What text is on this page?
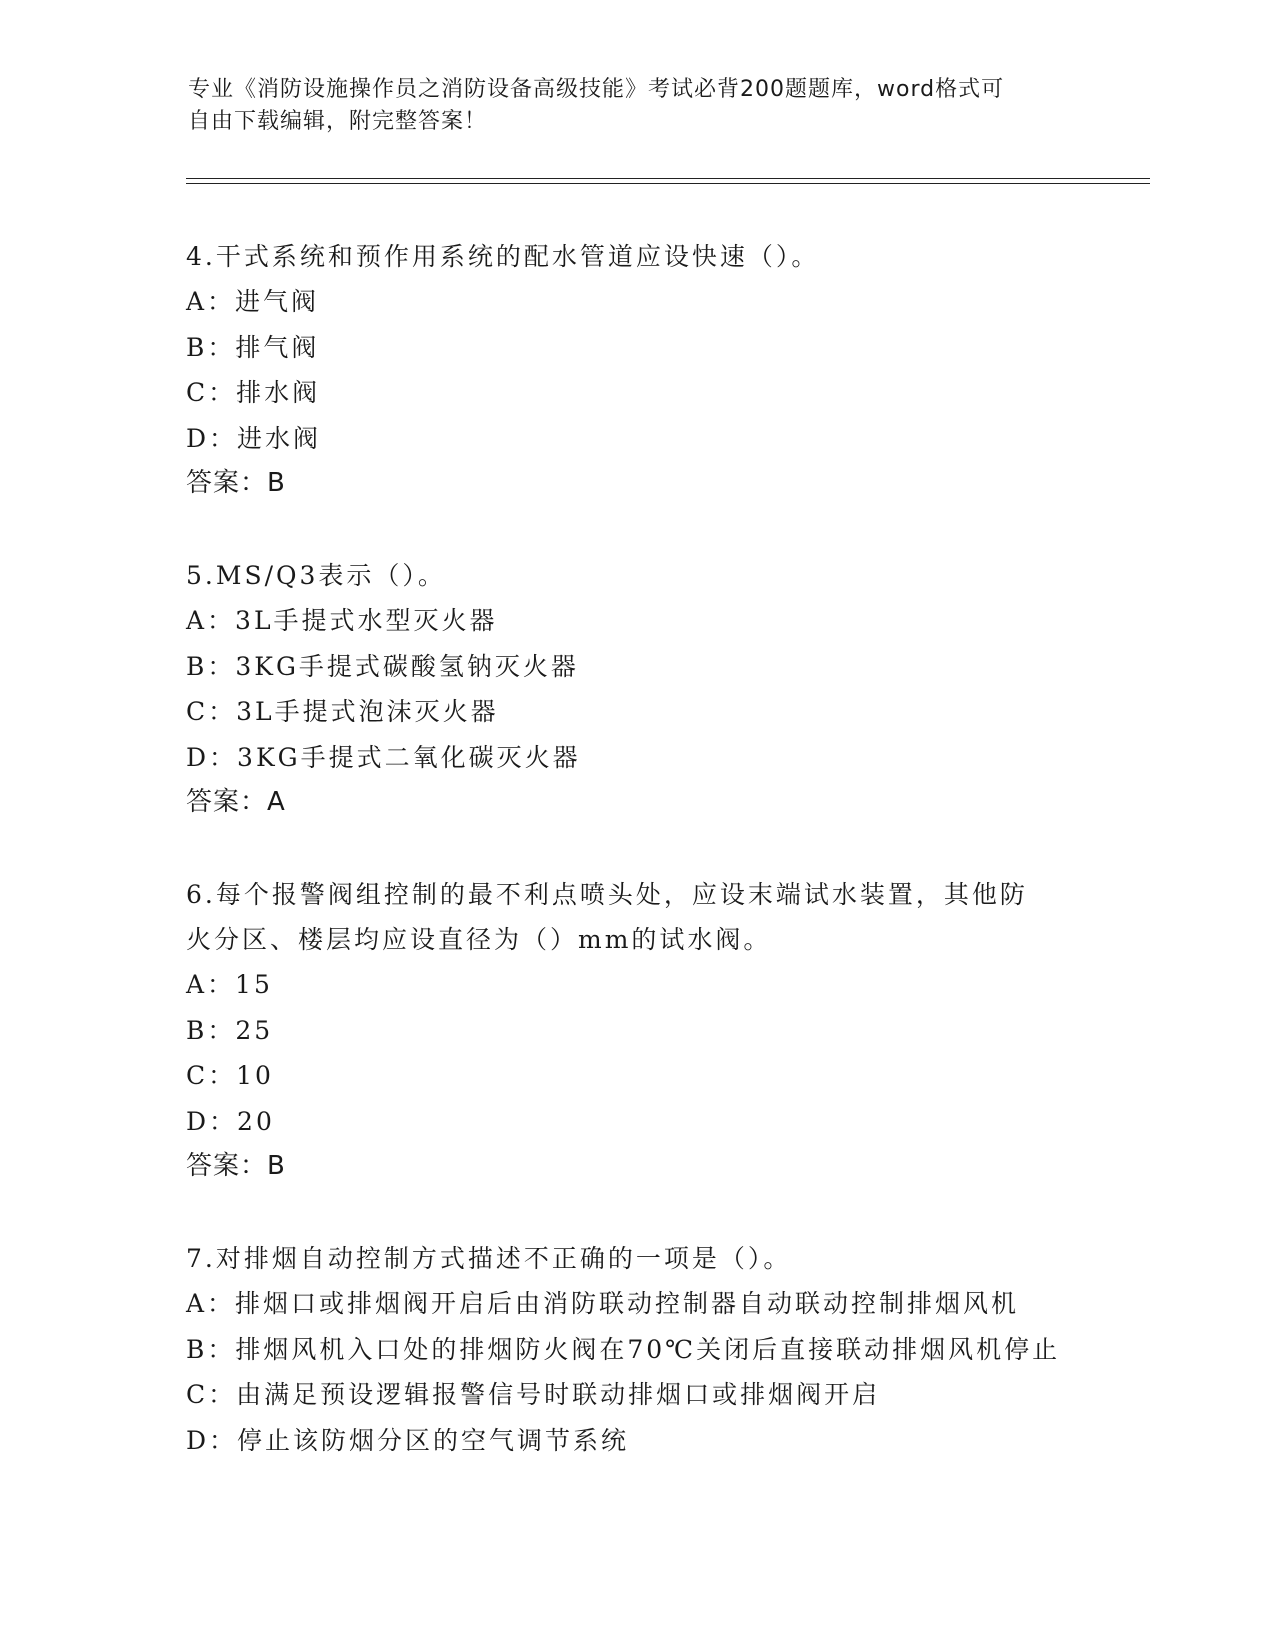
专业《消防设施操作员之消防设备高级技能》考试必背200题题库，word格式可
自由下载编辑，附完整答案！

4.干式系统和预作用系统的配水管道应设快速（）。

A：进气阀

B：排气阀

C：排水阀

D：进水阀

答案：B

5.MS/Q3表示（）。

A：3L手提式水型灭火器

B：3KG手提式碳酸氢钠灭火器

C：3L手提式泡沫灭火器

D：3KG手提式二氧化碳灭火器

答案：A

6.每个报警阀组控制的最不利点喷头处，应设末端试水装置，其他防

火分区、楼层均应设直径为（）mm的试水阀。

A：15

B：25

C：10

D：20

答案：B

7.对排烟自动控制方式描述不正确的一项是（）。

A：排烟口或排烟阀开启后由消防联动控制器自动联动控制排烟风机

B：排烟风机入口处的排烟防火阀在70℃关闭后直接联动排烟风机停止

C：由满足预设逻辑报警信号时联动排烟口或排烟阀开启

D：停止该防烟分区的空气调节系统
